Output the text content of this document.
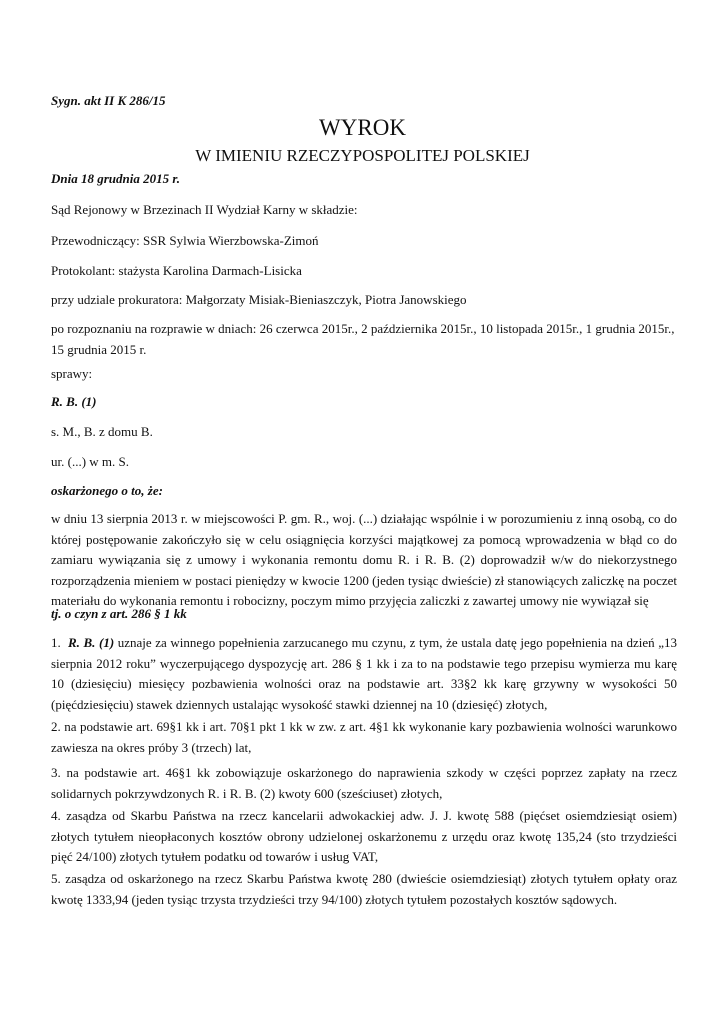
Sygn. akt II K 286/15
WYROK
W IMIENIU RZECZYPOSPOLITEJ POLSKIEJ
Dnia 18 grudnia 2015 r.
Sąd Rejonowy w Brzezinach II Wydział Karny w składzie:
Przewodniczący: SSR Sylwia Wierzbowska-Zimoń
Protokolant: stażysta Karolina Darmach-Lisicka
przy udziale prokuratora: Małgorzaty Misiak-Bieniaszczyk, Piotra Janowskiego
po rozpoznaniu na rozprawie w dniach: 26 czerwca 2015r., 2 października 2015r., 10 listopada 2015r., 1 grudnia 2015r., 15 grudnia 2015 r.
sprawy:
R. B. (1)
s. M., B. z domu B.
ur. (...) w m. S.
oskarżonego o to, że:
w dniu 13 sierpnia 2013 r. w miejscowości P. gm. R., woj. (...) działając wspólnie i w porozumieniu z inną osobą, co do której postępowanie zakończyło się w celu osiągnięcia korzyści majątkowej za pomocą wprowadzenia w błąd co do zamiaru wywiązania się z umowy i wykonania remontu domu R. i R. B. (2) doprowadził w/w do niekorzystnego rozporządzenia mieniem w postaci pieniędzy w kwocie 1200 (jeden tysiąc dwieście) zł stanowiących zaliczkę na poczet materiału do wykonania remontu i robocizny, poczym mimo przyjęcia zaliczki z zawartej umowy nie wywiązał się
tj. o czyn z art. 286 § 1 kk
1. R. B. (1) uznaje za winnego popełnienia zarzucanego mu czynu, z tym, że ustala datę jego popełnienia na dzień „13 sierpnia 2012 roku” wyczerpującego dyspozycję art. 286 § 1 kk i za to na podstawie tego przepisu wymierza mu karę 10 (dziesięciu) miesięcy pozbawienia wolności oraz na podstawie art. 33§2 kk karę grzywny w wysokości 50 (pięćdziesięciu) stawek dziennych ustalając wysokość stawki dziennej na 10 (dziesięć) złotych,
2. na podstawie art. 69§1 kk i art. 70§1 pkt 1 kk w zw. z art. 4§1 kk wykonanie kary pozbawienia wolności warunkowo zawiesza na okres próby 3 (trzech) lat,
3. na podstawie art. 46§1 kk zobowiązuje oskarżonego do naprawienia szkody w części poprzez zapłaty na rzecz solidarnych pokrzywdzonych R. i R. B. (2) kwoty 600 (sześciuset) złotych,
4. zasądza od Skarbu Państwa na rzecz kancelarii adwokackiej adw. J. J. kwotę 588 (pięćset osiemdziesiąt osiem) złotych tytułem nieopłaconych kosztów obrony udzielonej oskarżonemu z urzędu oraz kwotę 135,24 (sto trzydzieści pięć 24/100) złotych tytułem podatku od towarów i usług VAT,
5. zasądza od oskarżonego na rzecz Skarbu Państwa kwotę 280 (dwieście osiemdziesiąt) złotych tytułem opłaty oraz kwotę 1333,94 (jeden tysiąc trzysta trzydzieści trzy 94/100) złotych tytułem pozostałych kosztów sądowych.
